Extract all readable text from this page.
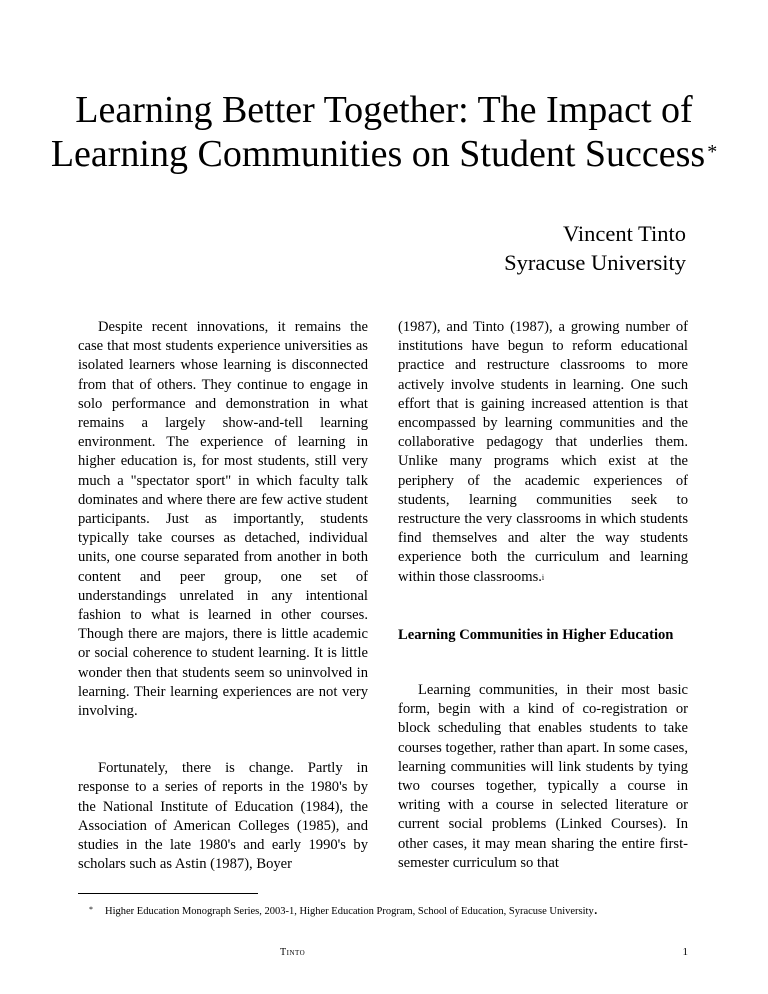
Learning Better Together: The Impact of
Learning Communities on Student Success *
Vincent Tinto
Syracuse University

Despite recent innovations, it remains the case that most students experience universities as isolated learners whose learning is disconnected from that of others. They continue to engage in solo performance and demonstration in what remains a largely show-and-tell learning environment. The experience of learning in higher education is, for most students, still very much a "spectator sport" in which faculty talk dominates and where there are few active student participants. Just as importantly, students typically take courses as detached, individual units, one course separated from another in both content and peer group, one set of understandings unrelated in any intentional fashion to what is learned in other courses. Though there are majors, there is little academic or social coherence to student learning. It is little wonder then that students seem so uninvolved in learning. Their learning experiences are not very involving.

Fortunately, there is change. Partly in response to a series of reports in the 1980's by the National Institute of Education (1984), the Association of American Colleges (1985), and studies in the late 1980's and early 1990's by scholars such as Astin (1987), Boyer

(1987), and Tinto (1987), a growing number of institutions have begun to reform educational practice and restructure classrooms to more actively involve students in learning. One such effort that is gaining increased attention is that encompassed by learning communities and the collaborative pedagogy that underlies them. Unlike many programs which exist at the periphery of the academic experiences of students, learning communities seek to restructure the very classrooms in which students find themselves and alter the way students experience both the curriculum and learning within those classrooms.$^i$

Learning Communities in Higher Education

Learning communities, in their most basic form, begin with a kind of co-registration or block scheduling that enables students to take courses together, rather than apart. In some cases, learning communities will link students by tying two courses together, typically a course in writing with a course in selected literature or current social problems (Linked Courses). In other cases, it may mean sharing the entire first-semester curriculum so that

* Higher Education Monograph Series, 2003-1, Higher Education Program, School of Education, Syracuse University.
Tinto	1
